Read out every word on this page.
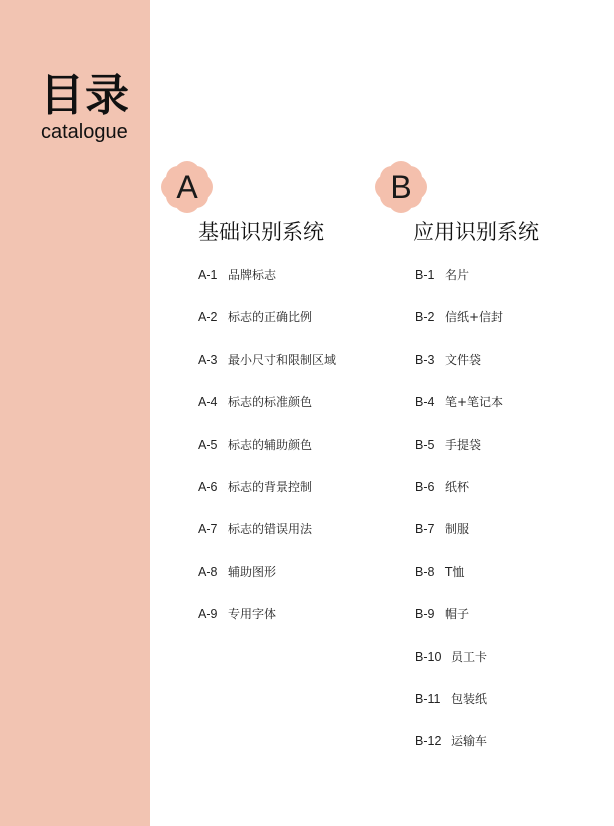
目录
catalogue
A
基础识别系统
A-1 品牌标志
A-2 标志的正确比例
A-3 最小尺寸和限制区域
A-4 标志的标准颜色
A-5 标志的辅助颜色
A-6 标志的背景控制
A-7 标志的错误用法
A-8 辅助图形
A-9 专用字体
B
应用识别系统
B-1 名片
B-2 信纸+信封
B-3 文件袋
B-4 笔+笔记本
B-5 手提袋
B-6 纸杯
B-7 制服
B-8 T恤
B-9 帽子
B-10 员工卡
B-11 包装纸
B-12 运输车
